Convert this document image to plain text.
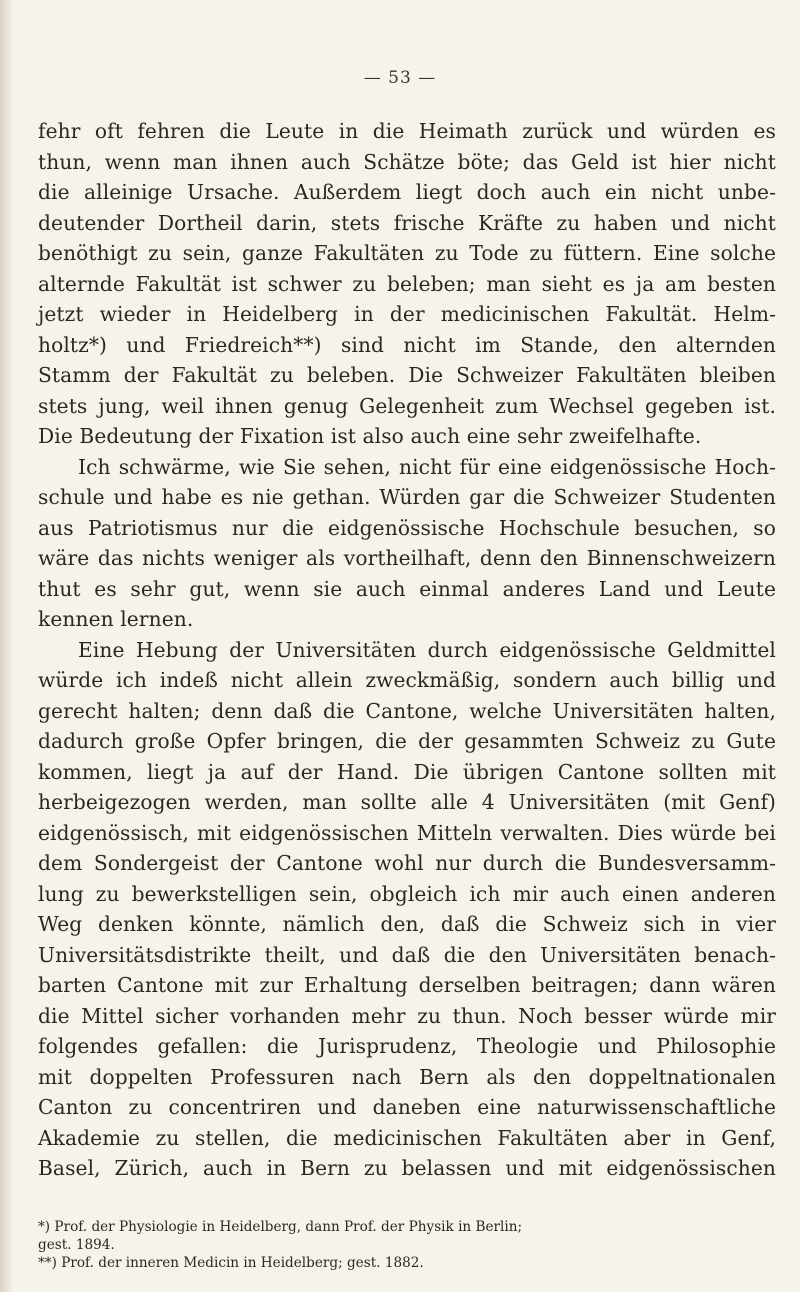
— 53 —
fehr oft fehren die Leute in die Heimath zurück und würden es
thun, wenn man ihnen auch Schätze böte; das Geld ist hier nicht
die alleinige Ursache. Außerdem liegt doch auch ein nicht unbe-
deutender Dortheil darin, stets frische Kräfte zu haben und nicht
benöthigt zu sein, ganze Fakultäten zu Tode zu füttern. Eine solche
alternde Fakultät ist schwer zu beleben; man sieht es ja am besten
jetzt wieder in Heidelberg in der medicinischen Fakultät. Helm-
holtz*) und Friedreich**) sind nicht im Stande, den alternden
Stamm der Fakultät zu beleben. Die Schweizer Fakultäten bleiben
stets jung, weil ihnen genug Gelegenheit zum Wechsel gegeben ist.
Die Bedeutung der Fixation ist also auch eine sehr zweifelhafte.
Ich schwärme, wie Sie sehen, nicht für eine eidgenössische Hoch-
schule und habe es nie gethan. Würden gar die Schweizer Studenten
aus Patriotismus nur die eidgenössische Hochschule besuchen, so
wäre das nichts weniger als vortheilhaft, denn den Binnenschweizern
thut es sehr gut, wenn sie auch einmal anderes Land und Leute
kennen lernen.
Eine Hebung der Universitäten durch eidgenössische Geldmittel
würde ich indeß nicht allein zweckmäßig, sondern auch billig und
gerecht halten; denn daß die Cantone, welche Universitäten halten,
dadurch große Opfer bringen, die der gesammten Schweiz zu Gute
kommen, liegt ja auf der Hand. Die übrigen Cantone sollten mit
herbeigezogen werden, man sollte alle 4 Universitäten (mit Genf)
eidgenössisch, mit eidgenössischen Mitteln verwalten. Dies würde bei
dem Sondergeist der Cantone wohl nur durch die Bundesversamm-
lung zu bewerkstelligen sein, obgleich ich mir auch einen anderen
Weg denken könnte, nämlich den, daß die Schweiz sich in vier
Universitätsdistrikte theilt, und daß die den Universitäten benach-
barten Cantone mit zur Erhaltung derselben beitragen; dann wären
die Mittel sicher vorhanden mehr zu thun. Noch besser würde mir
folgendes gefallen: die Jurisprudenz, Theologie und Philosophie
mit doppelten Professuren nach Bern als den doppeltnationalen
Canton zu concentriren und daneben eine naturwissenschaftliche
Akademie zu stellen, die medicinischen Fakultäten aber in Genf,
Basel, Zürich, auch in Bern zu belassen und mit eidgenössischen
*) Prof. der Physiologie in Heidelberg, dann Prof. der Physik in Berlin;
gest. 1894.
**) Prof. der inneren Medicin in Heidelberg; gest. 1882.
